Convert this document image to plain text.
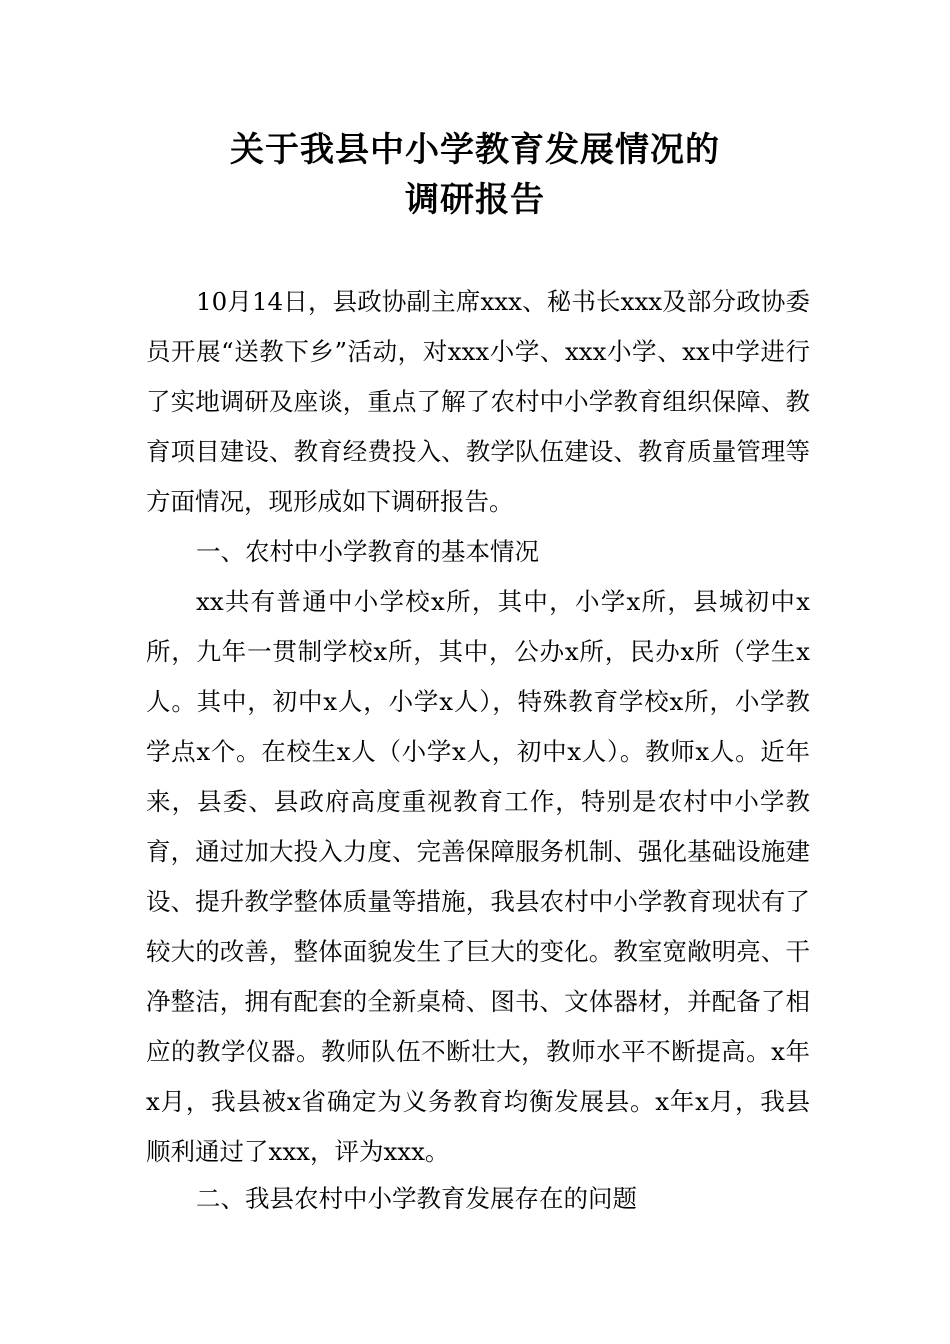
关于我县中小学教育发展情况的
调研报告

10月14日，县政协副主席xxx、秘书长xxx及部分政协委员开展“送教下乡”活动，对xxx小学、xxx小学、xx中学进行了实地调研及座谈，重点了解了农村中小学教育组织保障、教育项目建设、教育经费投入、教学队伍建设、教育质量管理等方面情况，现形成如下调研报告。

一、农村中小学教育的基本情况

xx共有普通中小学校x所，其中，小学x所，县城初中x所，九年一贯制学校x所，其中，公办x所，民办x所（学生x人。其中，初中x人，小学x人），特殊教育学校x所，小学教学点x个。在校生x人（小学x人，初中x人）。教师x人。近年来，县委、县政府高度重视教育工作，特别是农村中小学教育，通过加大投入力度、完善保障服务机制、强化基础设施建设、提升教学整体质量等措施，我县农村中小学教育现状有了较大的改善，整体面貌发生了巨大的变化。教室宽敞明亮、干净整洁，拥有配套的全新桌椅、图书、文体器材，并配备了相应的教学仪器。教师队伍不断壮大，教师水平不断提高。x年x月，我县被x省确定为义务教育均衡发展县。x年x月，我县顺利通过了xxx，评为xxx。

二、我县农村中小学教育发展存在的问题
